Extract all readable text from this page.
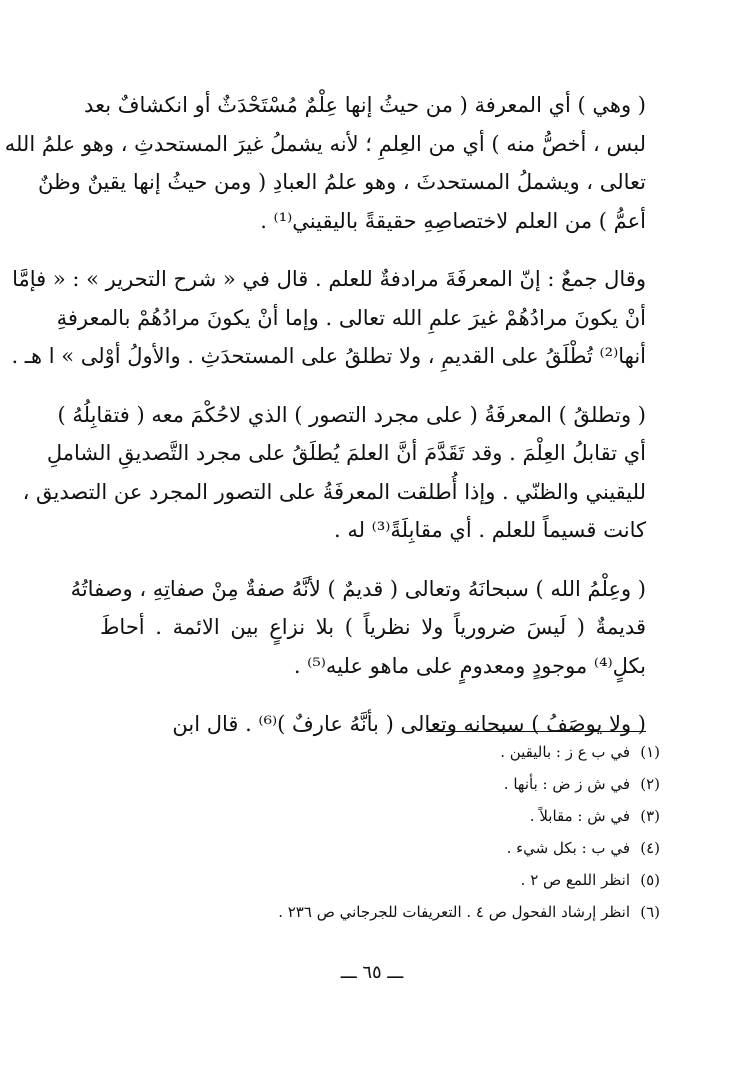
( وهي ) أي المعرفة ( من حيثُ إنها عِلْمٌ مُسْتَحْدَثٌ أو انكشافٌ بعد
لبس ، أخصُّ منه ) أي من العِلمِ ؛ لأنه يشملُ غيرَ المستحدثِ ، وهو علمُ الله
تعالى ، ويشملُ المستحدثَ ، وهو علمُ العبادِ ( ومن حيثُ إنها يقينٌ وظنٌ
أعمُّ ) من العلم لاختصاصِهِ حقيقةً باليقيني⁽¹⁾ .
وقال جمعٌ : إنّ المعرفَةَ مرادفةٌ للعلم . قال في « شرح التحرير » : « فإمَّا
أنْ يكونَ مرادُهُمْ غيرَ علمِ الله تعالى . وإما أنْ يكونَ مرادُهُمْ بالمعرفةِ
أنها⁽²⁾ تُطْلَقُ على القديمِ ، ولا تطلقُ على المستحدَثِ . والأولُ أوْلى » ا هـ .
( وتطلقُ ) المعرفَةُ ( على مجرد التصور ) الذي لاحُكْمَ معه ( فتقابِلُهُ )
أي تقابلُ العِلْمَ . وقد تَقَدَّمَ أنَّ العلمَ يُطلَقُ على مجرد التَّصديقِ الشاملِ
لليقيني والظنّي . وإذا أُطلقت المعرفَةُ على التصور المجرد عن التصديق ،
كانت قسيماً للعلم . أي مقابِلَةً⁽³⁾ له .
( وعِلْمُ الله ) سبحانَهُ وتعالى ( قديمٌ ) لأنَّهُ صفةٌ مِنْ صفاتِهِ ، وصفاتُهُ
قديمةٌ ( لَيسَ ضرورياً ولا نظرياً ) بلا نزاعٍ بين الائمة . أحاطَ
بكلٍ⁽⁴⁾ موجودٍ ومعدومٍ على ماهو عليه⁽⁵⁾ .
( ولا يوصَفُ ) سبحانه وتعالى ( بأنَّهُ عارفٌ )⁽⁶⁾ . قال ابن
(١)في ب ع ز : باليقين .
(٢)في ش ز ض : بأنها .
(٣)في ش : مقابلاً .
(٤)في ب : بكل شيء .
(٥)انظر اللمع ص ٢ .
(٦)انظر إرشاد الفحول ص ٤ . التعريفات للجرجاني ص ٢٣٦ .
ـــ ٦٥ ـــ
